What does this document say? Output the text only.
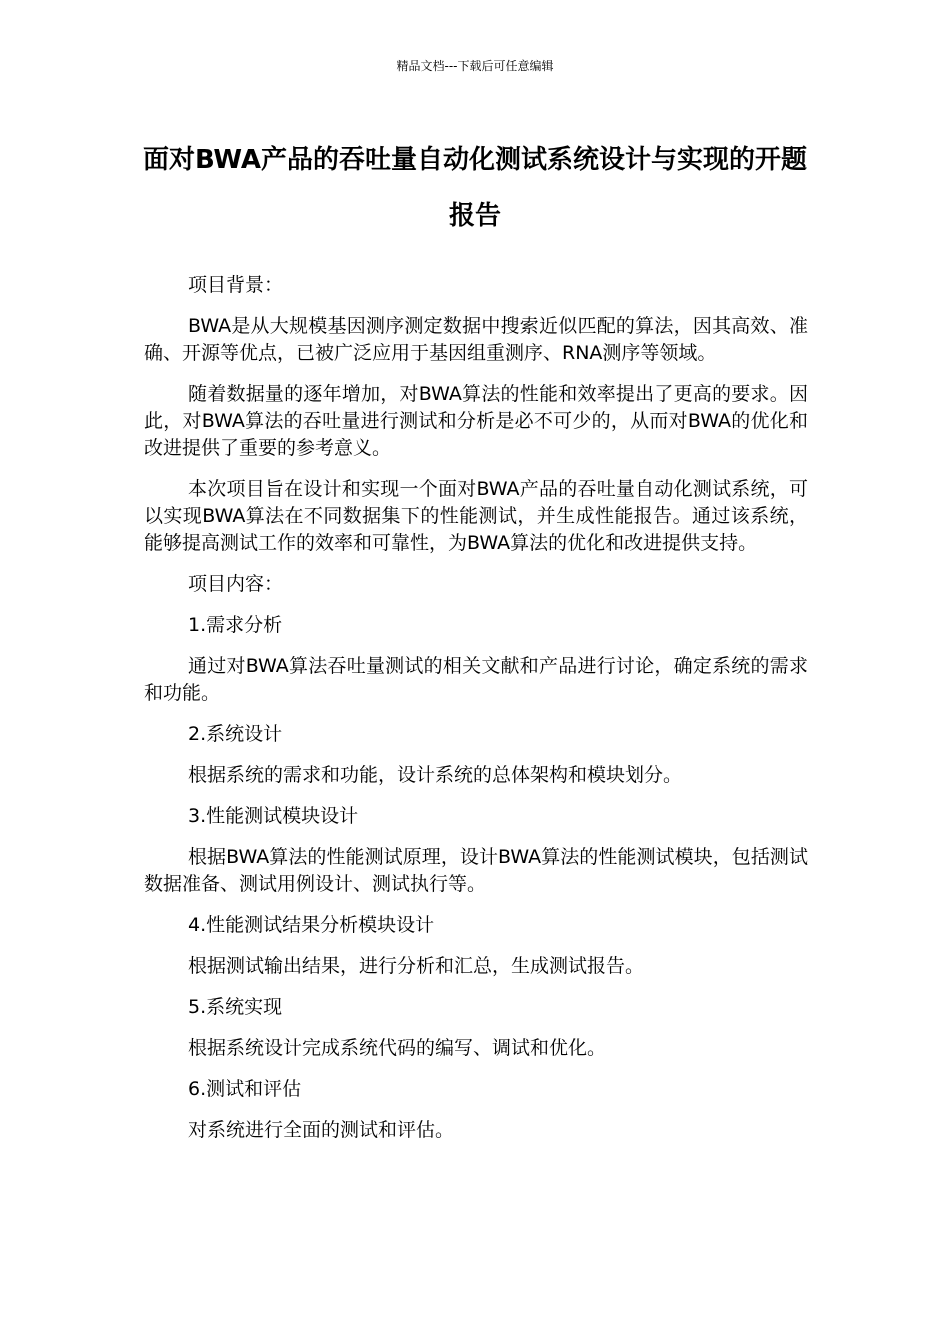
精品文档---下载后可任意编辑
面对BWA产品的吞吐量自动化测试系统设计与实现的开题报告

项目背景：

BWA是从大规模基因测序测定数据中搜索近似匹配的算法，因其高效、准确、开源等优点，已被广泛应用于基因组重测序、RNA测序等领域。

随着数据量的逐年增加，对BWA算法的性能和效率提出了更高的要求。因此，对BWA算法的吞吐量进行测试和分析是必不可少的，从而对BWA的优化和改进提供了重要的参考意义。

本次项目旨在设计和实现一个面对BWA产品的吞吐量自动化测试系统，可以实现BWA算法在不同数据集下的性能测试，并生成性能报告。通过该系统，能够提高测试工作的效率和可靠性，为BWA算法的优化和改进提供支持。

项目内容：

1.需求分析

通过对BWA算法吞吐量测试的相关文献和产品进行讨论，确定系统的需求和功能。

2.系统设计

根据系统的需求和功能，设计系统的总体架构和模块划分。

3.性能测试模块设计

根据BWA算法的性能测试原理，设计BWA算法的性能测试模块，包括测试数据准备、测试用例设计、测试执行等。

4.性能测试结果分析模块设计

根据测试输出结果，进行分析和汇总，生成测试报告。

5.系统实现

根据系统设计完成系统代码的编写、调试和优化。

6.测试和评估

对系统进行全面的测试和评估。
